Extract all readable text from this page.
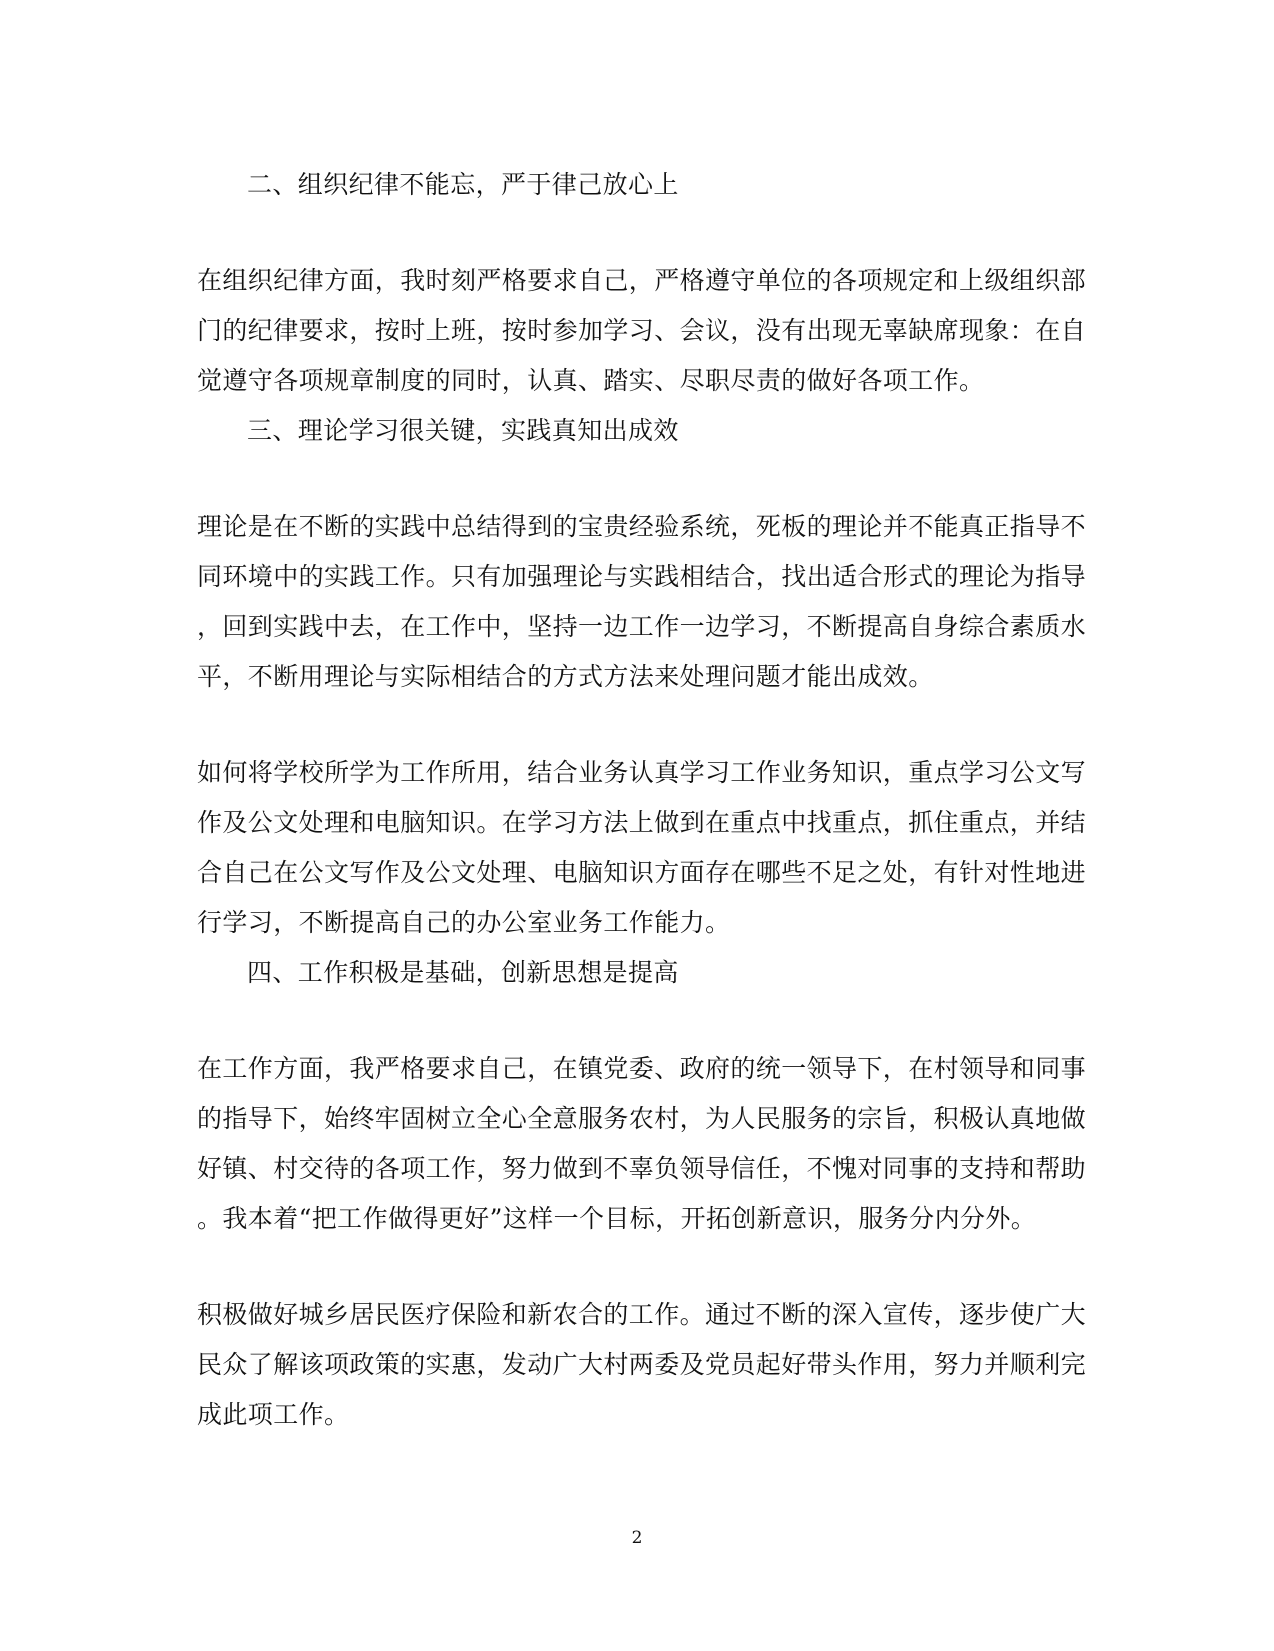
二、组织纪律不能忘，严于律己放心上
在组织纪律方面，我时刻严格要求自己，严格遵守单位的各项规定和上级组织部
门的纪律要求，按时上班，按时参加学习、会议，没有出现无辜缺席现象：在自
觉遵守各项规章制度的同时，认真、踏实、尽职尽责的做好各项工作。
三、理论学习很关键，实践真知出成效
理论是在不断的实践中总结得到的宝贵经验系统，死板的理论并不能真正指导不
同环境中的实践工作。只有加强理论与实践相结合，找出适合形式的理论为指导
，回到实践中去，在工作中，坚持一边工作一边学习，不断提高自身综合素质水
平，不断用理论与实际相结合的方式方法来处理问题才能出成效。
如何将学校所学为工作所用，结合业务认真学习工作业务知识，重点学习公文写
作及公文处理和电脑知识。在学习方法上做到在重点中找重点，抓住重点，并结
合自己在公文写作及公文处理、电脑知识方面存在哪些不足之处，有针对性地进
行学习，不断提高自己的办公室业务工作能力。
四、工作积极是基础，创新思想是提高
在工作方面，我严格要求自己，在镇党委、政府的统一领导下，在村领导和同事
的指导下，始终牢固树立全心全意服务农村，为人民服务的宗旨，积极认真地做
好镇、村交待的各项工作，努力做到不辜负领导信任，不愧对同事的支持和帮助
。我本着“把工作做得更好”这样一个目标，开拓创新意识，服务分内分外。
积极做好城乡居民医疗保险和新农合的工作。通过不断的深入宣传，逐步使广大
民众了解该项政策的实惠，发动广大村两委及党员起好带头作用，努力并顺利完
成此项工作。
2
